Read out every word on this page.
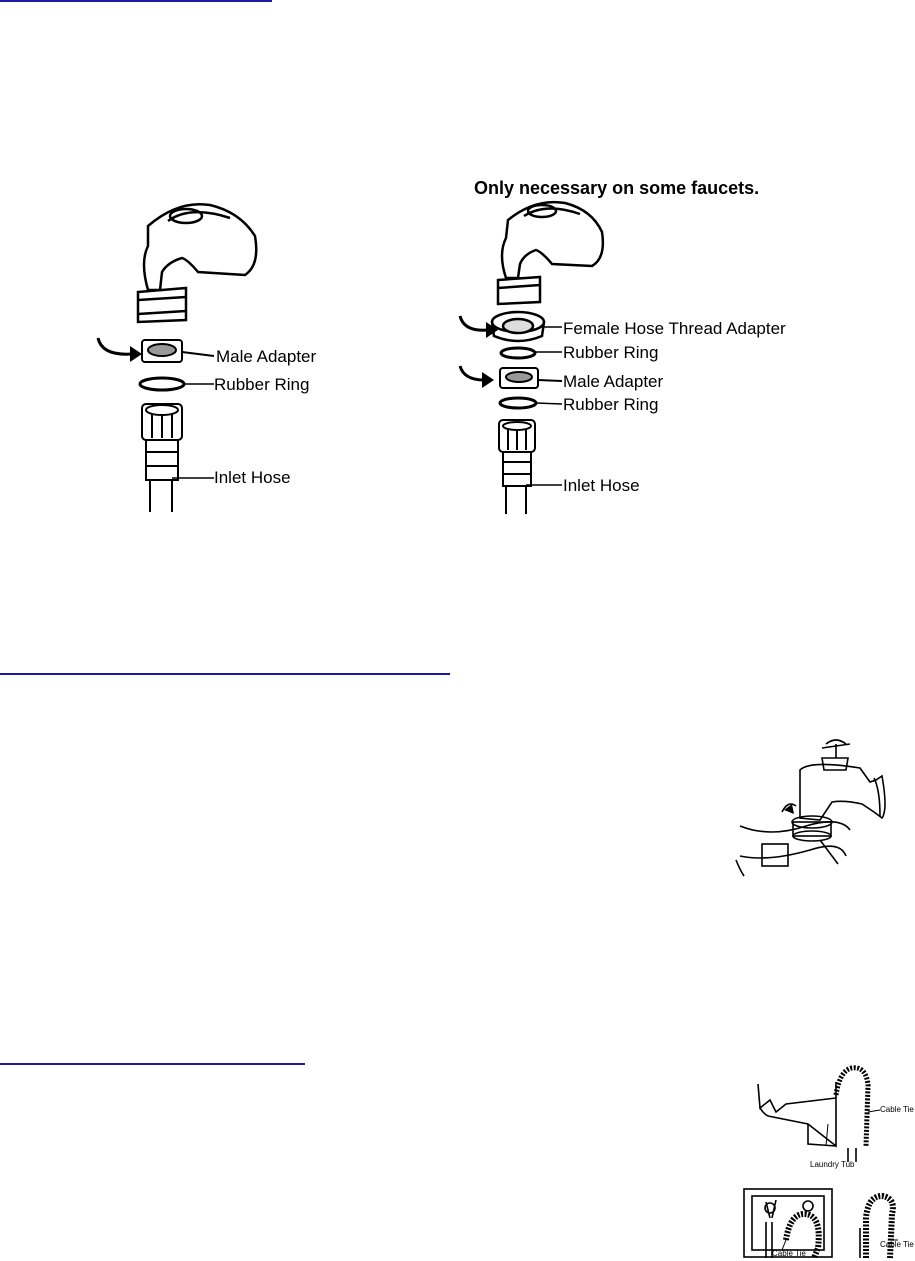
Only necessary on some faucets.
Male Adapter
Rubber Ring
Inlet Hose
Female Hose Thread Adapter
Rubber Ring
Male Adapter
Rubber Ring
Inlet Hose
Cable Tie
Laundry Tub
Cable Tie
Cable Tie
